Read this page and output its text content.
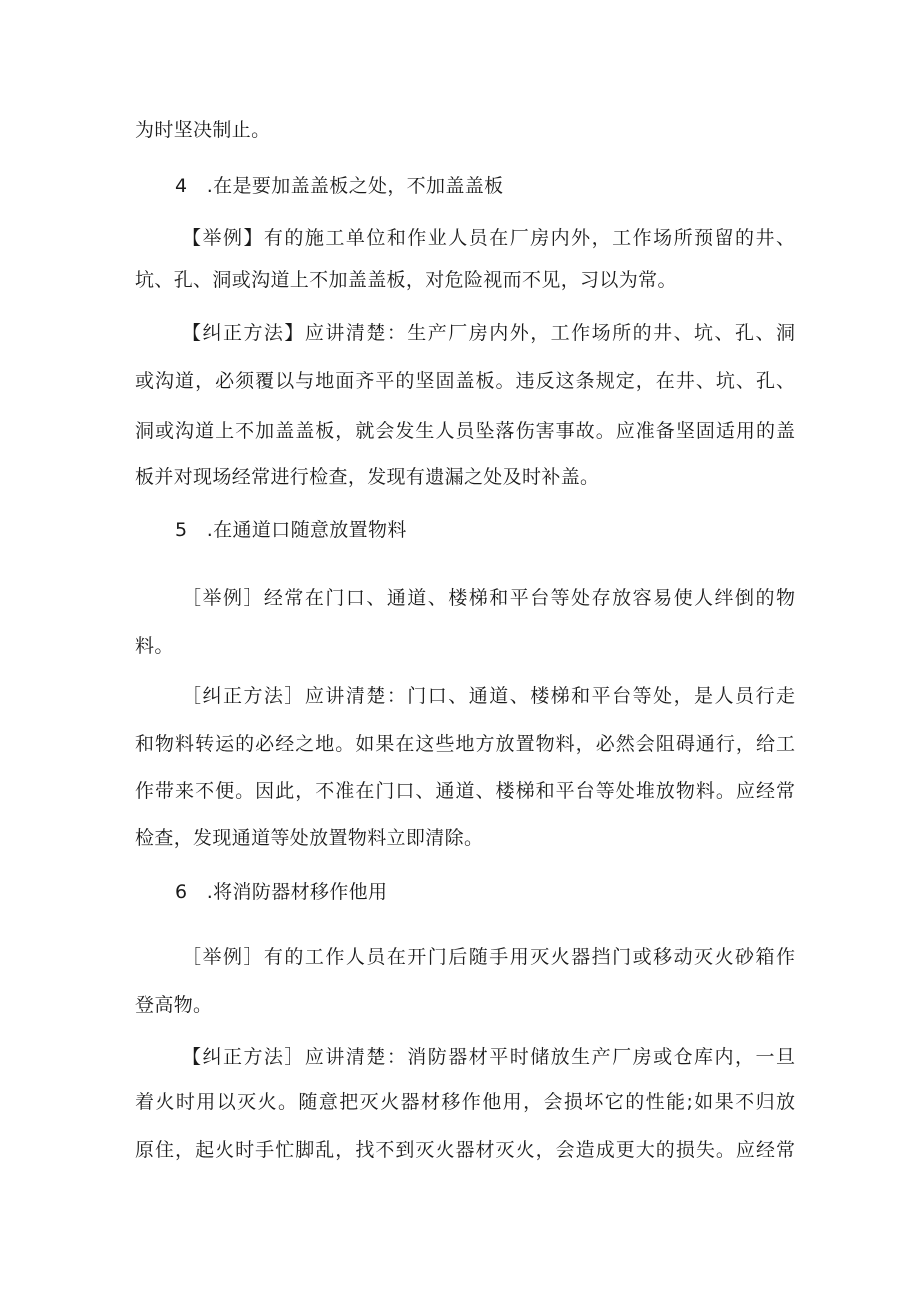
为时坚决制止。
4 .在是要加盖盖板之处，不加盖盖板
【举例】有的施工单位和作业人员在厂房内外，工作场所预留的井、
坑、孔、洞或沟道上不加盖盖板，对危险视而不见，习以为常。
【纠正方法】应讲清楚：生产厂房内外，工作场所的井、坑、孔、洞
或沟道，必须覆以与地面齐平的坚固盖板。违反这条规定，在井、坑、孔、
洞或沟道上不加盖盖板，就会发生人员坠落伤害事故。应准备坚固适用的盖
板并对现场经常进行检查，发现有遗漏之处及时补盖。
5 .在通道口随意放置物料
［举例］经常在门口、通道、楼梯和平台等处存放容易使人绊倒的物
料。
［纠正方法］应讲清楚：门口、通道、楼梯和平台等处，是人员行走
和物料转运的必经之地。如果在这些地方放置物料，必然会阻碍通行，给工
作带来不便。因此，不准在门口、通道、楼梯和平台等处堆放物料。应经常
检查，发现通道等处放置物料立即清除。
6 .将消防器材移作他用
［举例］有的工作人员在开门后随手用灭火器挡门或移动灭火砂箱作
登高物。
【纠正方法］应讲清楚：消防器材平时储放生产厂房或仓库内，一旦
着火时用以灭火。随意把灭火器材移作他用，会损坏它的性能;如果不归放
原住，起火时手忙脚乱，找不到灭火器材灭火，会造成更大的损失。应经常
